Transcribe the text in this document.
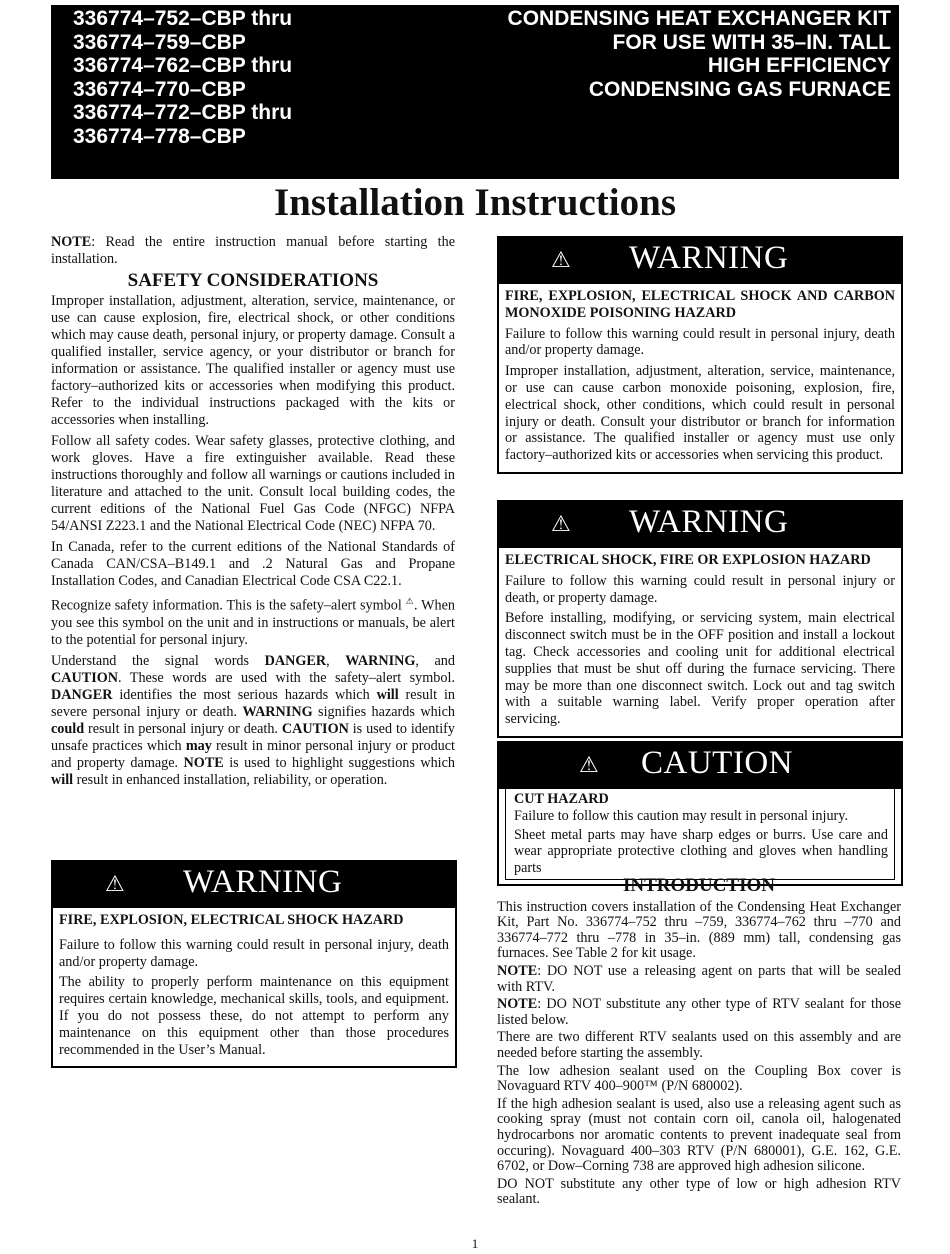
336774–752–CBP thru
336774–759–CBP
336774–762–CBP thru
336774–770–CBP
336774–772–CBP thru
336774–778–CBP
CONDENSING HEAT EXCHANGER KIT
FOR USE WITH 35–IN. TALL
HIGH EFFICIENCY
CONDENSING GAS FURNACE
Installation Instructions

NOTE: Read the entire instruction manual before starting the installation.

SAFETY CONSIDERATIONS

Improper installation, adjustment, alteration, service, maintenance, or use can cause explosion, fire, electrical shock, or other conditions which may cause death, personal injury, or property damage. Consult a qualified installer, service agency, or your distributor or branch for information or assistance. The qualified installer or agency must use factory–authorized kits or accessories when modifying this product. Refer to the individual instructions packaged with the kits or accessories when installing.

Follow all safety codes. Wear safety glasses, protective clothing, and work gloves. Have a fire extinguisher available. Read these instructions thoroughly and follow all warnings or cautions included in literature and attached to the unit. Consult local building codes, the current editions of the National Fuel Gas Code (NFGC) NFPA 54/ANSI Z223.1 and the National Electrical Code (NEC) NFPA 70.

In Canada, refer to the current editions of the National Standards of Canada CAN/CSA–B149.1 and .2 Natural Gas and Propane Installation Codes, and Canadian Electrical Code CSA C22.1.

Recognize safety information. This is the safety–alert symbol ⚠. When you see this symbol on the unit and in instructions or manuals, be alert to the potential for personal injury.

Understand the signal words DANGER, WARNING, and CAUTION. These words are used with the safety–alert symbol. DANGER identifies the most serious hazards which will result in severe personal injury or death. WARNING signifies hazards which could result in personal injury or death. CAUTION is used to identify unsafe practices which may result in minor personal injury or product and property damage. NOTE is used to highlight suggestions which will result in enhanced installation, reliability, or operation.

⚠ WARNING

FIRE, EXPLOSION, ELECTRICAL SHOCK HAZARD

Failure to follow this warning could result in personal injury, death and/or property damage.

The ability to properly perform maintenance on this equipment requires certain knowledge, mechanical skills, tools, and equipment. If you do not possess these, do not attempt to perform any maintenance on this equipment other than those procedures recommended in the User’s Manual.

⚠ WARNING

FIRE, EXPLOSION, ELECTRICAL SHOCK AND CARBON MONOXIDE POISONING HAZARD

Failure to follow this warning could result in personal injury, death and/or property damage.

Improper installation, adjustment, alteration, service, maintenance, or use can cause carbon monoxide poisoning, explosion, fire, electrical shock, other conditions, which could result in personal injury or death. Consult your distributor or branch for information or assistance. The qualified installer or agency must use only factory–authorized kits or accessories when servicing this product.

⚠ WARNING

ELECTRICAL SHOCK, FIRE OR EXPLOSION HAZARD

Failure to follow this warning could result in personal injury or death, or property damage.

Before installing, modifying, or servicing system, main electrical disconnect switch must be in the OFF position and install a lockout tag. Check accessories and cooling unit for additional electrical supplies that must be shut off during the furnace servicing. There may be more than one disconnect switch. Lock out and tag switch with a suitable warning label. Verify proper operation after servicing.

⚠ CAUTION

CUT HAZARD

Failure to follow this caution may result in personal injury.

Sheet metal parts may have sharp edges or burrs. Use care and wear appropriate protective clothing and gloves when handling parts

INTRODUCTION

This instruction covers installation of the Condensing Heat Exchanger Kit, Part No. 336774–752 thru –759, 336774–762 thru –770 and 336774–772 thru –778 in 35–in. (889 mm) tall, condensing gas furnaces. See Table 2 for kit usage.

NOTE: DO NOT use a releasing agent on parts that will be sealed with RTV.

NOTE: DO NOT substitute any other type of RTV sealant for those listed below.

There are two different RTV sealants used on this assembly and are needed before starting the assembly.

The low adhesion sealant used on the Coupling Box cover is Novaguard RTV 400–900™ (P/N 680002).

If the high adhesion sealant is used, also use a releasing agent such as cooking spray (must not contain corn oil, canola oil, halogenated hydrocarbons nor aromatic contents to prevent inadequate seal from occuring). Novaguard 400–303 RTV (P/N 680001), G.E. 162, G.E. 6702, or Dow–Corning 738 are approved high adhesion silicone.

DO NOT substitute any other type of low or high adhesion RTV sealant.

1
